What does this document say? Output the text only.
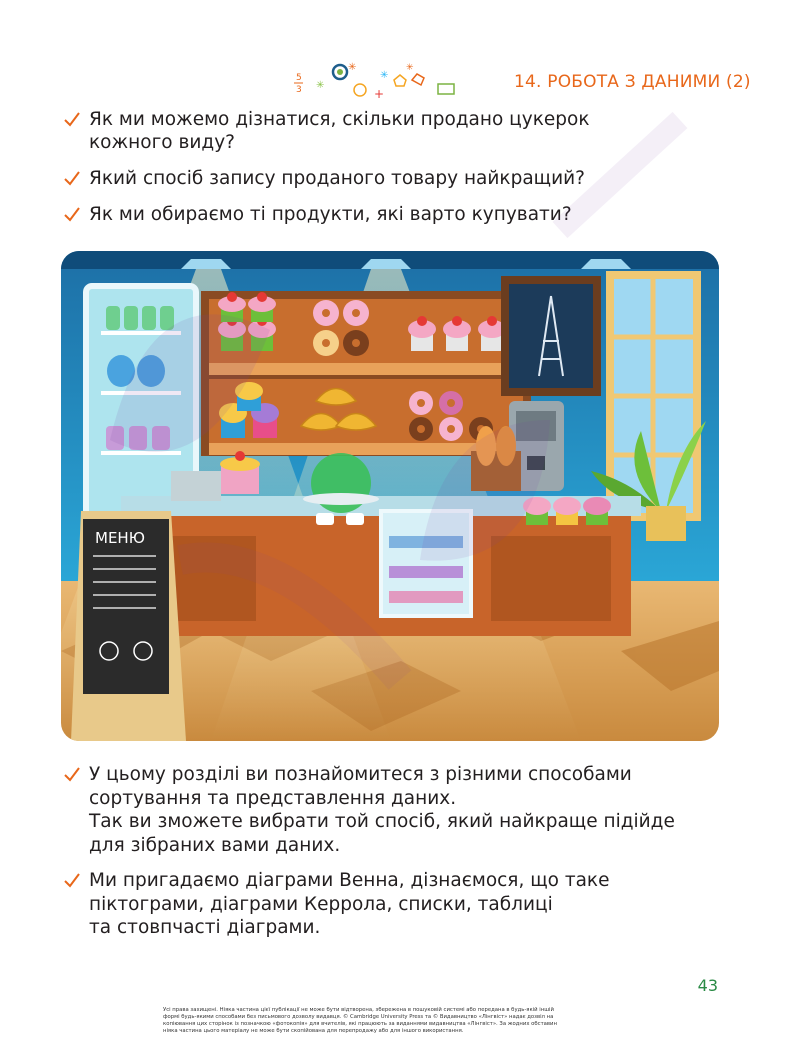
5
3 ✳
✳
+
✳
✳
14. РОБОТА З ДАНИМИ (2)
Як ми можемо дізнатися, скільки продано цукерок
кожного виду?
Який спосіб запису проданого товару найкращий?
Як ми обираємо ті продукти, які варто купувати?
МЕНЮ
У цьому розділі ви познайомитеся з різними способами
сортування та представлення даних.
Так ви зможете вибрати той спосіб, який найкраще підійде
для зібраних вами даних.
Ми пригадаємо діаграми Венна, дізнаємося, що таке
піктограми, діаграми Керрола, списки, таблиці
та стовпчасті діаграми.
43
Усі права захищені. Ніяка частина цієї публікації не може бути відтворена, збережена в пошуковій системі або передана в будь-якій іншій
формі будь-якими способами без письмового дозволу видавця. © Cambridge University Press та © Видавництво «Лінгвіст» надає дозвіл на
копіювання цих сторінок із позначкою «фотокопія» для вчителів, які працюють за виданнями видавництва «Лінгвіст». За жодних обставин
ніяка частина цього матеріалу не може бути скопійована для перепродажу або для іншого використання.
